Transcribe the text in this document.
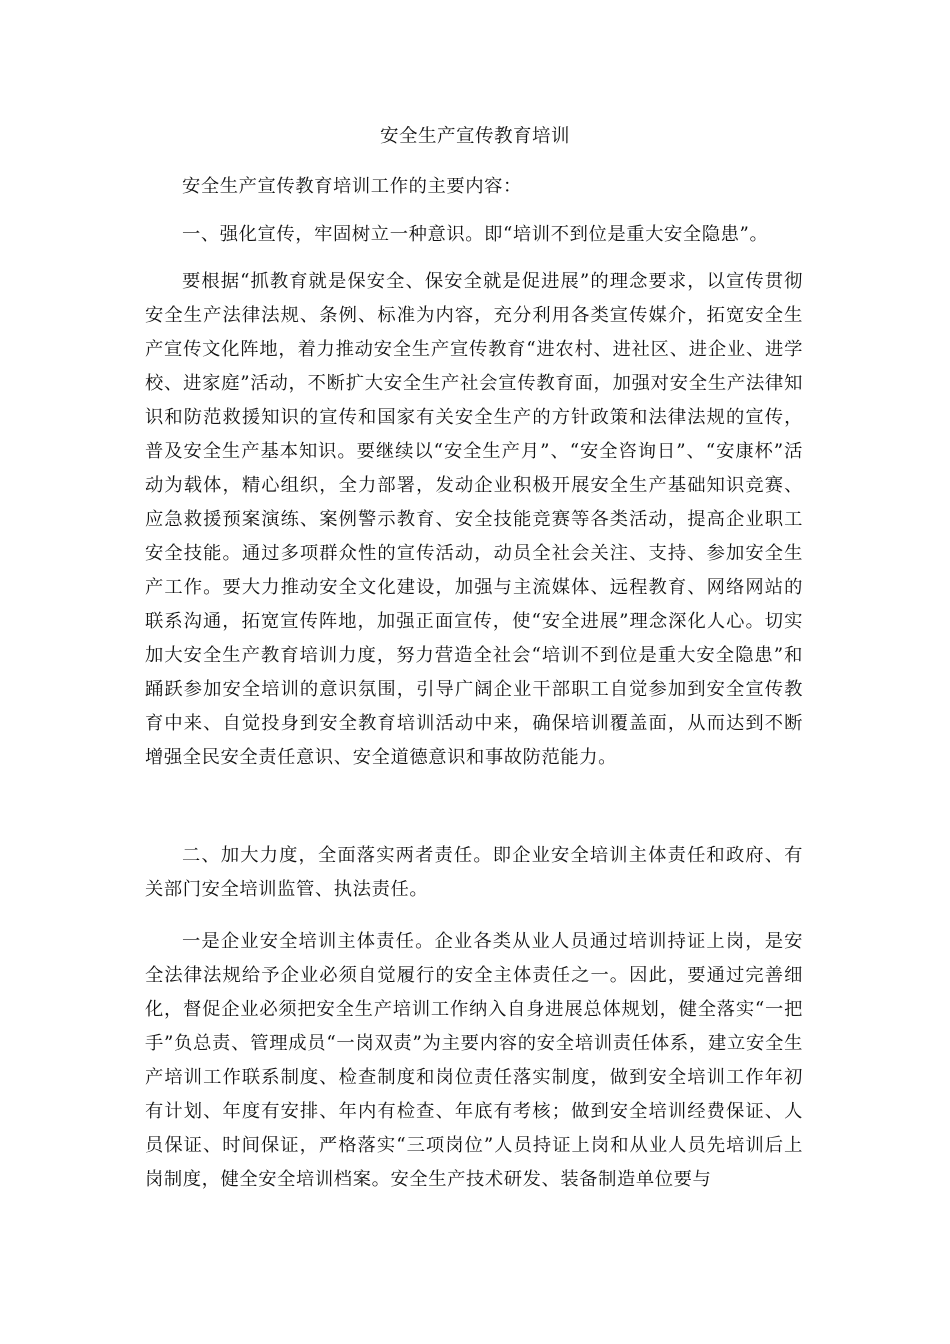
安全生产宣传教育培训

安全生产宣传教育培训工作的主要内容：

一、强化宣传，牢固树立一种意识。即“培训不到位是重大安全隐患”。

要根据“抓教育就是保安全、保安全就是促进展”的理念要求，以宣传贯彻安全生产法律法规、条例、标准为内容，充分利用各类宣传媒介，拓宽安全生产宣传文化阵地，着力推动安全生产宣传教育“进农村、进社区、进企业、进学校、进家庭”活动，不断扩大安全生产社会宣传教育面，加强对安全生产法律知识和防范救援知识的宣传和国家有关安全生产的方针政策和法律法规的宣传，普及安全生产基本知识。要继续以“安全生产月”、“安全咨询日”、“安康杯”活动为载体，精心组织，全力部署，发动企业积极开展安全生产基础知识竞赛、应急救援预案演练、案例警示教育、安全技能竞赛等各类活动，提高企业职工安全技能。通过多项群众性的宣传活动，动员全社会关注、支持、参加安全生产工作。要大力推动安全文化建设，加强与主流媒体、远程教育、网络网站的联系沟通，拓宽宣传阵地，加强正面宣传，使“安全进展”理念深化人心。切实加大安全生产教育培训力度，努力营造全社会“培训不到位是重大安全隐患”和踊跃参加安全培训的意识氛围，引导广阔企业干部职工自觉参加到安全宣传教育中来、自觉投身到安全教育培训活动中来，确保培训覆盖面，从而达到不断增强全民安全责任意识、安全道德意识和事故防范能力。

二、加大力度，全面落实两者责任。即企业安全培训主体责任和政府、有关部门安全培训监管、执法责任。

一是企业安全培训主体责任。企业各类从业人员通过培训持证上岗，是安全法律法规给予企业必须自觉履行的安全主体责任之一。因此，要通过完善细化，督促企业必须把安全生产培训工作纳入自身进展总体规划，健全落实“一把手”负总责、管理成员“一岗双责”为主要内容的安全培训责任体系，建立安全生产培训工作联系制度、检查制度和岗位责任落实制度，做到安全培训工作年初有计划、年度有安排、年内有检查、年底有考核；做到安全培训经费保证、人员保证、时间保证，严格落实“三项岗位”人员持证上岗和从业人员先培训后上岗制度，健全安全培训档案。安全生产技术研发、装备制造单位要与
